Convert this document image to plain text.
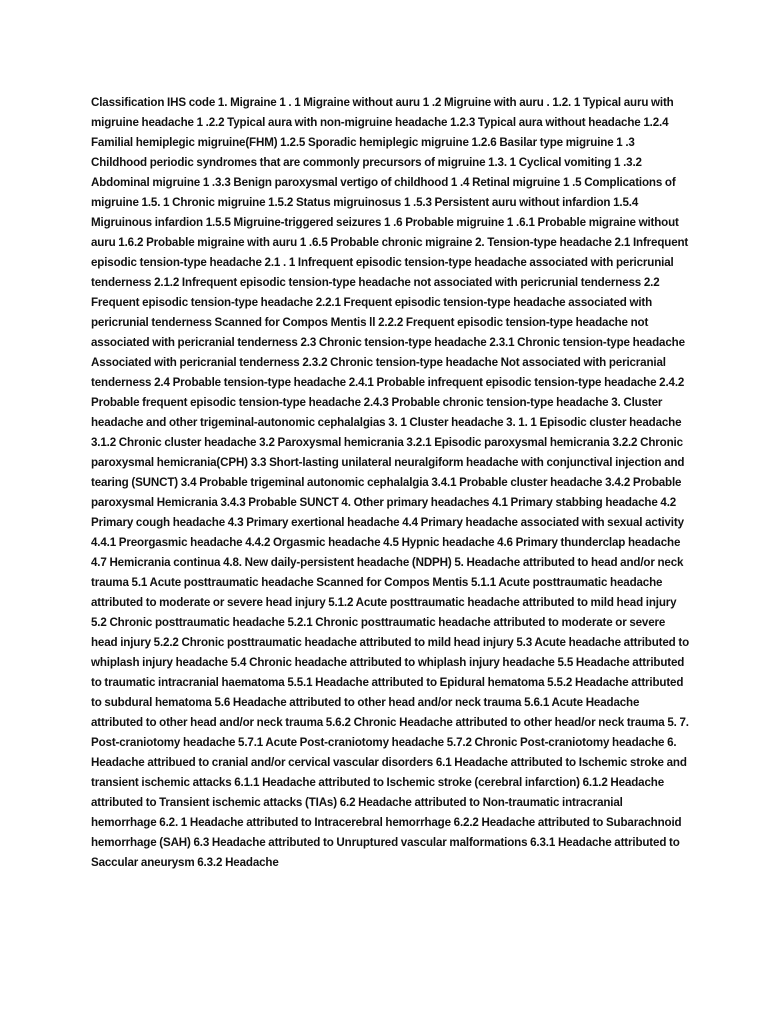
Classification IHS code 1. Migraine 1 . 1 Migraine without auru 1 .2 Migruine with auru . 1.2. 1 Typical auru with migruine headache 1 .2.2 Typical aura with non-migruine headache 1.2.3 Typical aura without headache 1.2.4 Familial hemiplegic migruine(FHM) 1.2.5 Sporadic hemiplegic migruine 1.2.6 Basilar type migruine 1 .3 Childhood periodic syndromes that are commonly precursors of migruine 1.3. 1 Cyclical vomiting 1 .3.2 Abdominal migruine 1 .3.3 Benign paroxysmal vertigo of childhood 1 .4 Retinal migruine 1 .5 Complications of migruine 1.5. 1 Chronic migruine 1.5.2 Status migruinosus 1 .5.3 Persistent auru without infardion 1.5.4 Migruinous infardion 1.5.5 Migruine-triggered seizures 1 .6 Probable migruine 1 .6.1 Probable migraine without auru 1.6.2 Probable migraine with auru 1 .6.5 Probable chronic migraine 2. Tension-type headache 2.1 Infrequent episodic tension-type headache 2.1 . 1 Infrequent episodic tension-type headache associated with pericrunial tenderness 2.1.2 Infrequent episodic tension-type headache not associated with pericrunial tenderness 2.2 Frequent episodic tension-type headache 2.2.1 Frequent episodic tension-type headache associated with pericrunial tenderness Scanned for Compos Mentis ll 2.2.2 Frequent episodic tension-type headache not associated with pericranial tenderness 2.3 Chronic tension-type headache 2.3.1 Chronic tension-type headache Associated with pericranial tenderness 2.3.2 Chronic tension-type headache Not associated with pericranial tenderness 2.4 Probable tension-type headache 2.4.1 Probable infrequent episodic tension-type headache 2.4.2 Probable frequent episodic tension-type headache 2.4.3 Probable chronic tension-type headache 3. Cluster headache and other trigeminal-autonomic cephalalgias 3. 1 Cluster headache 3. 1. 1 Episodic cluster headache 3.1.2 Chronic cluster headache 3.2 Paroxysmal hemicrania 3.2.1 Episodic paroxysmal hemicrania 3.2.2 Chronic paroxysmal hemicrania(CPH) 3.3 Short-lasting unilateral neuralgiform headache with conjunctival injection and tearing (SUNCT) 3.4 Probable trigeminal autonomic cephalalgia 3.4.1 Probable cluster headache 3.4.2 Probable paroxysmal Hemicrania 3.4.3 Probable SUNCT 4. Other primary headaches 4.1 Primary stabbing headache 4.2 Primary cough headache 4.3 Primary exertional headache 4.4 Primary headache associated with sexual activity 4.4.1 Preorgasmic headache 4.4.2 Orgasmic headache 4.5 Hypnic headache 4.6 Primary thunderclap headache 4.7 Hemicrania continua 4.8. New daily-persistent headache (NDPH) 5. Headache attributed to head and/or neck trauma 5.1 Acute posttraumatic headache Scanned for Compos Mentis 5.1.1 Acute posttraumatic headache attributed to moderate or severe head injury 5.1.2 Acute posttraumatic headache attributed to mild head injury 5.2 Chronic posttraumatic headache 5.2.1 Chronic posttraumatic headache attributed to moderate or severe head injury 5.2.2 Chronic posttraumatic headache attributed to mild head injury 5.3 Acute headache attributed to whiplash injury headache 5.4 Chronic headache attributed to whiplash injury headache 5.5 Headache attributed to traumatic intracranial haematoma 5.5.1 Headache attributed to Epidural hematoma 5.5.2 Headache attributed to subdural hematoma 5.6 Headache attributed to other head and/or neck trauma 5.6.1 Acute Headache attributed to other head and/or neck trauma 5.6.2 Chronic Headache attributed to other head/or neck trauma 5. 7. Post-craniotomy headache 5.7.1 Acute Post-craniotomy headache 5.7.2 Chronic Post-craniotomy headache 6. Headache attribued to cranial and/or cervical vascular disorders 6.1 Headache attributed to Ischemic stroke and transient ischemic attacks 6.1.1 Headache attributed to Ischemic stroke (cerebral infarction) 6.1.2 Headache attributed to Transient ischemic attacks (TIAs) 6.2 Headache attributed to Non-traumatic intracranial hemorrhage 6.2. 1 Headache attributed to Intracerebral hemorrhage 6.2.2 Headache attributed to Subarachnoid hemorrhage (SAH) 6.3 Headache attributed to Unruptured vascular malformations 6.3.1 Headache attributed to Saccular aneurysm 6.3.2 Headache
